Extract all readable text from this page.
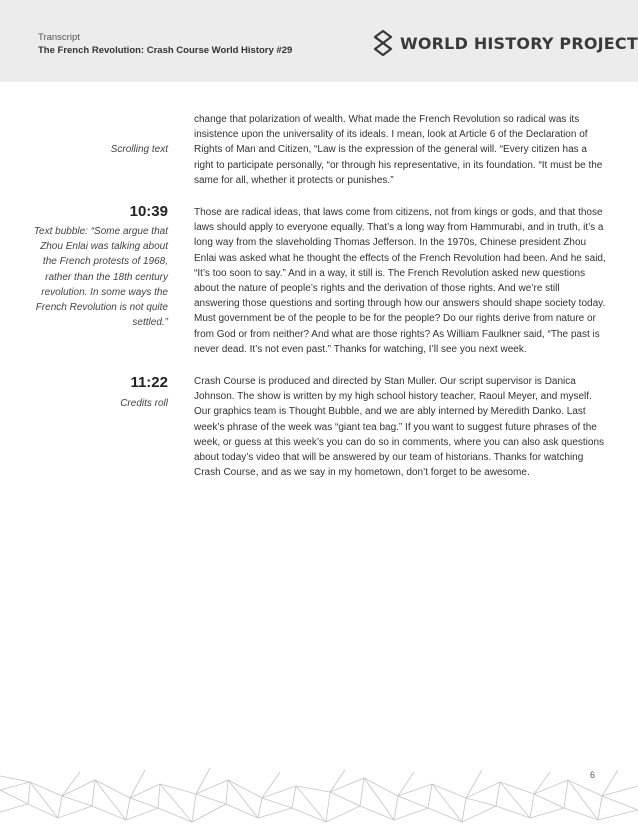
Transcript
The French Revolution: Crash Course World History #29	WORLD HISTORY PROJECT
Scrolling text
10:39
Text bubble: “Some argue that Zhou Enlai was talking about the French protests of 1968, rather than the 18th century revolution. In some ways the French Revolution is not quite settled.”
11:22
Credits roll

change that polarization of wealth. What made the French Revolution so radical was its insistence upon the universality of its ideals. I mean, look at Article 6 of the Declaration of Rights of Man and Citizen, “Law is the expression of the general will. “Every citizen has a right to participate personally, “or through his representative, in its foundation. “It must be the same for all, whether it protects or punishes.”

Those are radical ideas, that laws come from citizens, not from kings or gods, and that those laws should apply to everyone equally. That’s a long way from Hammurabi, and in truth, it’s a long way from the slaveholding Thomas Jefferson. In the 1970s, Chinese president Zhou Enlai was asked what he thought the effects of the French Revolution had been. And he said, “It’s too soon to say.” And in a way, it still is. The French Revolution asked new questions about the nature of people’s rights and the derivation of those rights. And we’re still answering those questions and sorting through how our answers should shape society today. Must government be of the people to be for the people? Do our rights derive from nature or from God or from neither? And what are those rights? As William Faulkner said, “The past is never dead. It’s not even past.” Thanks for watching, I’ll see you next week.

Crash Course is produced and directed by Stan Muller. Our script supervisor is Danica Johnson. The show is written by my high school history teacher, Raoul Meyer, and myself. Our graphics team is Thought Bubble, and we are ably interned by Meredith Danko. Last week’s phrase of the week was “giant tea bag.” If you want to suggest future phrases of the week, or guess at this week’s you can do so in comments, where you can also ask questions about today’s video that will be answered by our team of historians. Thanks for watching Crash Course, and as we say in my hometown, don’t forget to be awesome.

6
